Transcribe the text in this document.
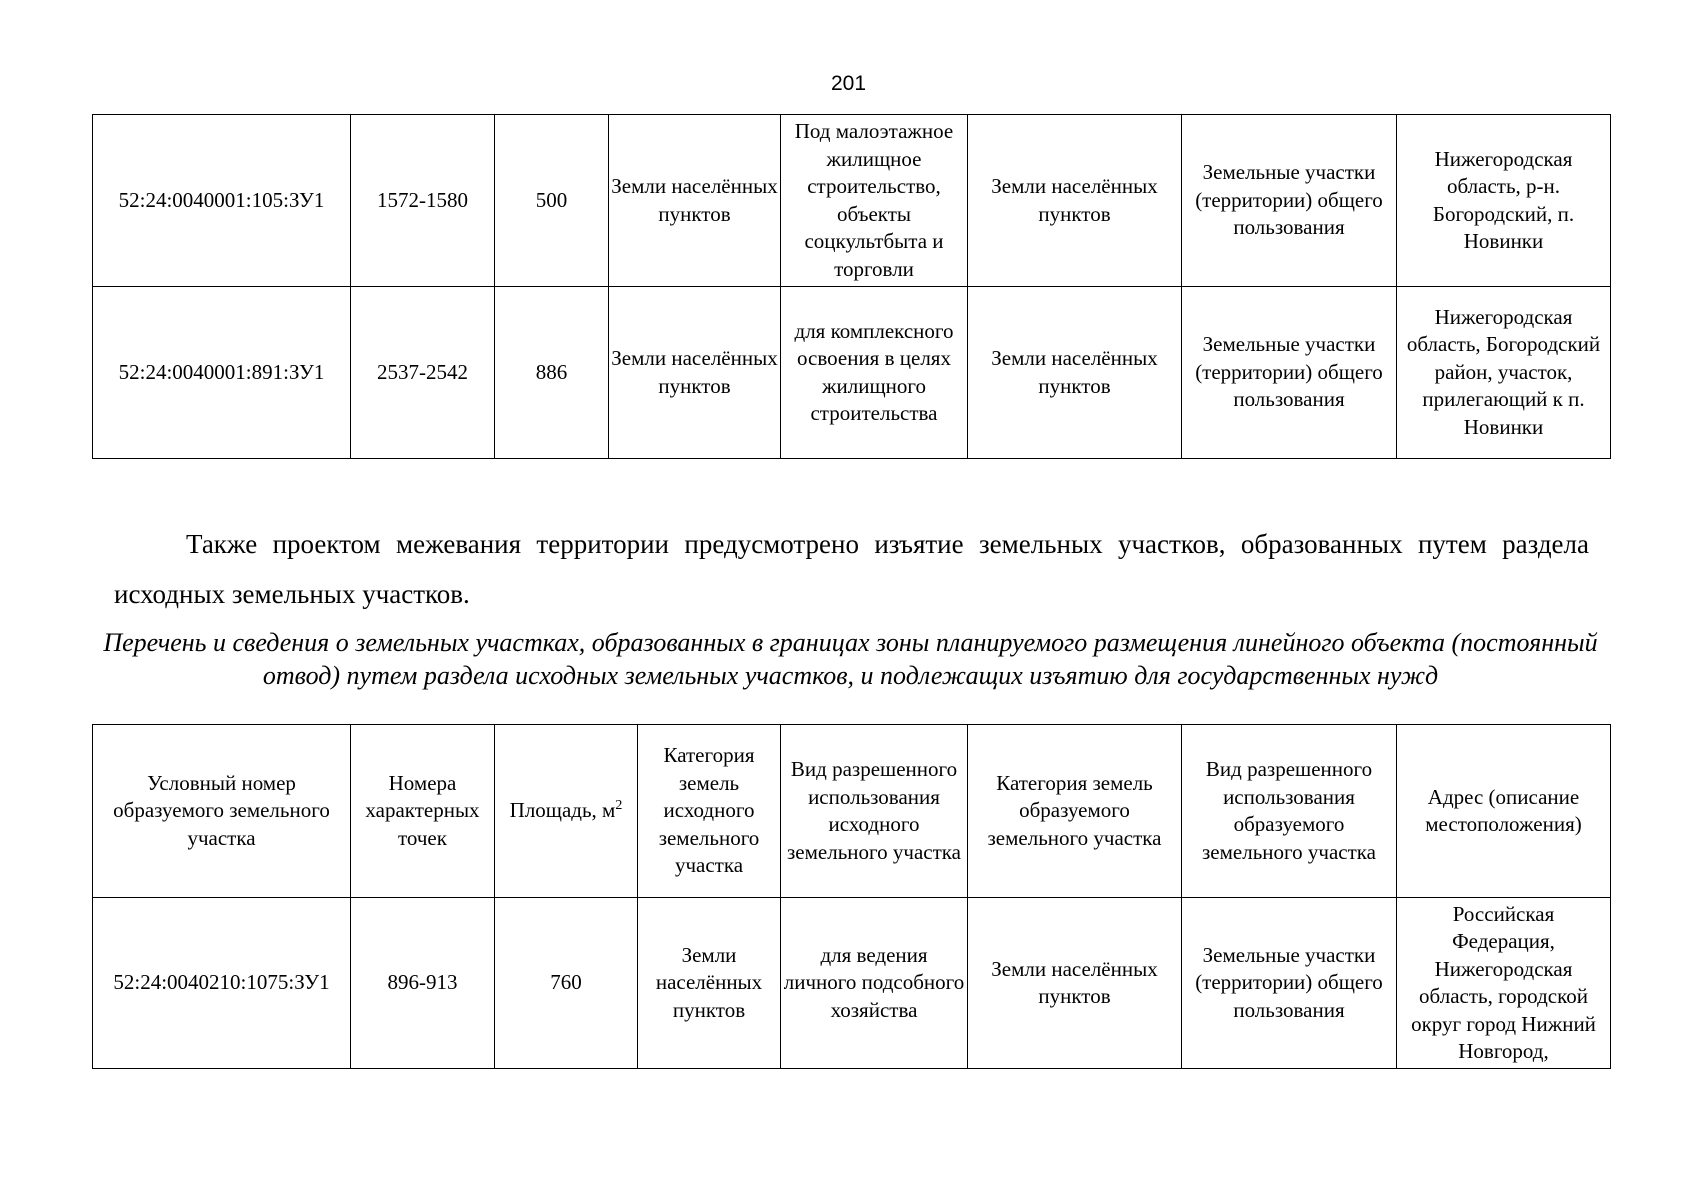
201
52:24:0040001:105:ЗУ1	1572-1580	500	Земли населённых пунктов	Под малоэтажное жилищное строительство, объекты соцкультбыта и торговли	Земли населённых пунктов	Земельные участки (территории) общего пользования	Нижегородская область, р-н. Богородский, п. Новинки
52:24:0040001:891:ЗУ1	2537-2542	886	Земли населённых пунктов	для комплексного освоения в целях жилищного строительства	Земли населённых пунктов	Земельные участки (территории) общего пользования	Нижегородская область, Богородский район, участок, прилегающий к п. Новинки

Также проектом межевания территории предусмотрено изъятие земельных участков, образованных путем раздела исходных земельных участков.

Перечень и сведения о земельных участках, образованных в границах зоны планируемого размещения линейного объекта (постоянный отвод) путем раздела исходных земельных участков, и подлежащих изъятию для государственных нужд
Условный номер образуемого земельного участка	Номера характерных точек	Площадь, $м^2$	Категория земель исходного земельного участка	Вид разрешенного использования исходного земельного участка	Категория земель образуемого земельного участка	Вид разрешенного использования образуемого земельного участка	Адрес (описание местоположения)
52:24:0040210:1075:ЗУ1	896-913	760	Земли населённых пунктов	для ведения личного подсобного хозяйства	Земли населённых пунктов	Земельные участки (территории) общего пользования	Российская Федерация, Нижегородская область, городской округ город Нижний Новгород,
